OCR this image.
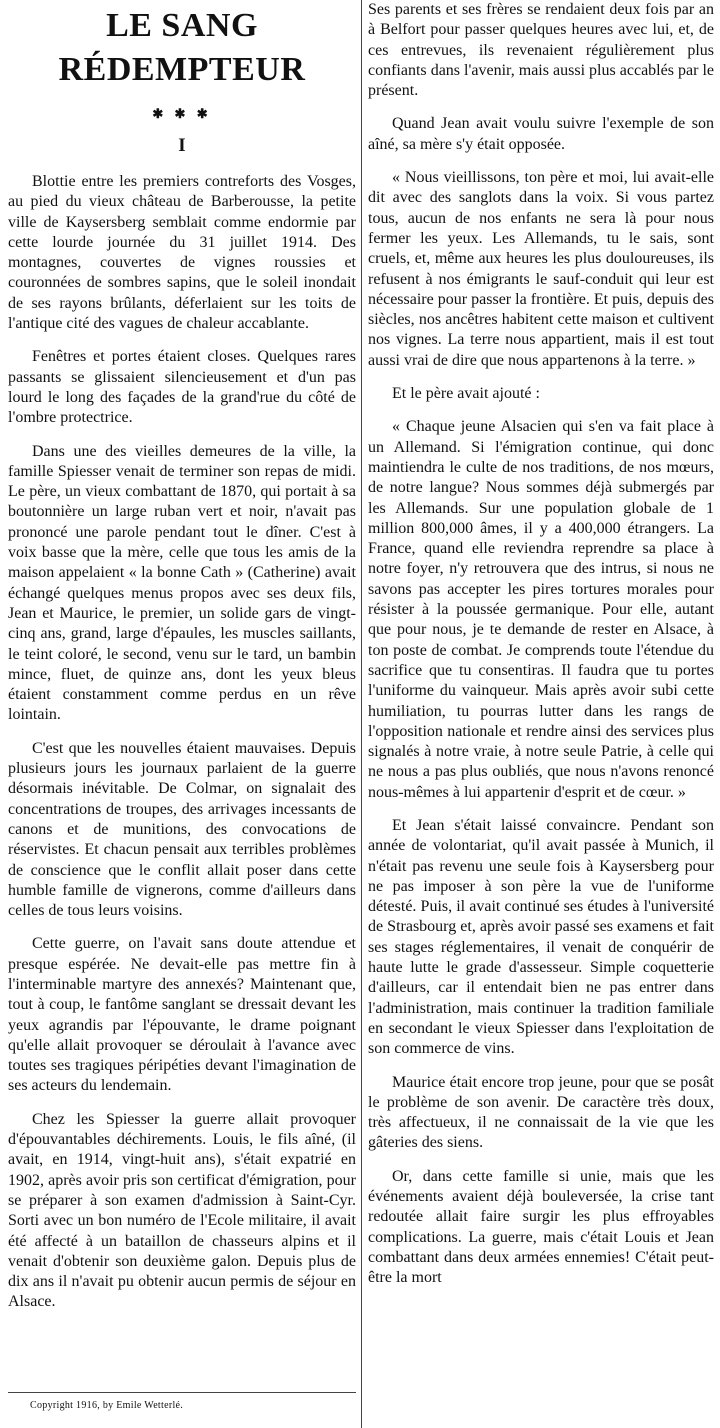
LE SANG RÉDEMPTEUR
✱ ✱ ✱
I

Blottie entre les premiers contreforts des Vosges, au pied du vieux château de Barberousse, la petite ville de Kaysersberg semblait comme endormie par cette lourde journée du 31 juillet 1914. Des montagnes, couvertes de vignes roussies et couronnées de sombres sapins, que le soleil inondait de ses rayons brûlants, déferlaient sur les toits de l'antique cité des vagues de chaleur accablante.

Fenêtres et portes étaient closes. Quelques rares passants se glissaient silencieusement et d'un pas lourd le long des façades de la grand'rue du côté de l'ombre protectrice.

Dans une des vieilles demeures de la ville, la famille Spiesser venait de terminer son repas de midi. Le père, un vieux combattant de 1870, qui portait à sa boutonnière un large ruban vert et noir, n'avait pas prononcé une parole pendant tout le dîner. C'est à voix basse que la mère, celle que tous les amis de la maison appelaient « la bonne Cath » (Catherine) avait échangé quelques menus propos avec ses deux fils, Jean et Maurice, le premier, un solide gars de vingt-cinq ans, grand, large d'épaules, les muscles saillants, le teint coloré, le second, venu sur le tard, un bambin mince, fluet, de quinze ans, dont les yeux bleus étaient constamment comme perdus en un rêve lointain.

C'est que les nouvelles étaient mauvaises. Depuis plusieurs jours les journaux parlaient de la guerre désormais inévitable. De Colmar, on signalait des concentrations de troupes, des arrivages incessants de canons et de munitions, des convocations de réservistes. Et chacun pensait aux terribles problèmes de conscience que le conflit allait poser dans cette humble famille de vignerons, comme d'ailleurs dans celles de tous leurs voisins.

Cette guerre, on l'avait sans doute attendue et presque espérée. Ne devait-elle pas mettre fin à l'interminable martyre des annexés? Maintenant que, tout à coup, le fantôme sanglant se dressait devant les yeux agrandis par l'épouvante, le drame poignant qu'elle allait provoquer se déroulait à l'avance avec toutes ses tragiques péripéties devant l'imagination de ses acteurs du lendemain.

Chez les Spiesser la guerre allait provoquer d'épouvantables déchirements. Louis, le fils aîné, (il avait, en 1914, vingt-huit ans), s'était expatrié en 1902, après avoir pris son certificat d'émigration, pour se préparer à son examen d'admission à Saint-Cyr. Sorti avec un bon numéro de l'Ecole militaire, il avait été affecté à un bataillon de chasseurs alpins et il venait d'obtenir son deuxième galon. Depuis plus de dix ans il n'avait pu obtenir aucun permis de séjour en Alsace.

Copyright 1916, by Emile Wetterlé.

Ses parents et ses frères se rendaient deux fois par an à Belfort pour passer quelques heures avec lui, et, de ces entrevues, ils revenaient régulièrement plus confiants dans l'avenir, mais aussi plus accablés par le présent.

Quand Jean avait voulu suivre l'exemple de son aîné, sa mère s'y était opposée.

« Nous vieillissons, ton père et moi, lui avait-elle dit avec des sanglots dans la voix. Si vous partez tous, aucun de nos enfants ne sera là pour nous fermer les yeux. Les Allemands, tu le sais, sont cruels, et, même aux heures les plus douloureuses, ils refusent à nos émigrants le sauf-conduit qui leur est nécessaire pour passer la frontière. Et puis, depuis des siècles, nos ancêtres habitent cette maison et cultivent nos vignes. La terre nous appartient, mais il est tout aussi vrai de dire que nous appartenons à la terre. »

Et le père avait ajouté :

« Chaque jeune Alsacien qui s'en va fait place à un Allemand. Si l'émigration continue, qui donc maintiendra le culte de nos traditions, de nos mœurs, de notre langue? Nous sommes déjà submergés par les Allemands. Sur une population globale de 1 million 800,000 âmes, il y a 400,000 étrangers. La France, quand elle reviendra reprendre sa place à notre foyer, n'y retrouvera que des intrus, si nous ne savons pas accepter les pires tortures morales pour résister à la poussée germanique. Pour elle, autant que pour nous, je te demande de rester en Alsace, à ton poste de combat. Je comprends toute l'étendue du sacrifice que tu consentiras. Il faudra que tu portes l'uniforme du vainqueur. Mais après avoir subi cette humiliation, tu pourras lutter dans les rangs de l'opposition nationale et rendre ainsi des services plus signalés à notre vraie, à notre seule Patrie, à celle qui ne nous a pas plus oubliés, que nous n'avons renoncé nous-mêmes à lui appartenir d'esprit et de cœur. »

Et Jean s'était laissé convaincre. Pendant son année de volontariat, qu'il avait passée à Munich, il n'était pas revenu une seule fois à Kaysersberg pour ne pas imposer à son père la vue de l'uniforme détesté. Puis, il avait continué ses études à l'université de Strasbourg et, après avoir passé ses examens et fait ses stages réglementaires, il venait de conquérir de haute lutte le grade d'assesseur. Simple coquetterie d'ailleurs, car il entendait bien ne pas entrer dans l'administration, mais continuer la tradition familiale en secondant le vieux Spiesser dans l'exploitation de son commerce de vins.

Maurice était encore trop jeune, pour que se posât le problème de son avenir. De caractère très doux, très affectueux, il ne connaissait de la vie que les gâteries des siens.

Or, dans cette famille si unie, mais que les événements avaient déjà bouleversée, la crise tant redoutée allait faire surgir les plus effroyables complications. La guerre, mais c'était Louis et Jean combattant dans deux armées ennemies! C'était peut-être la mort
